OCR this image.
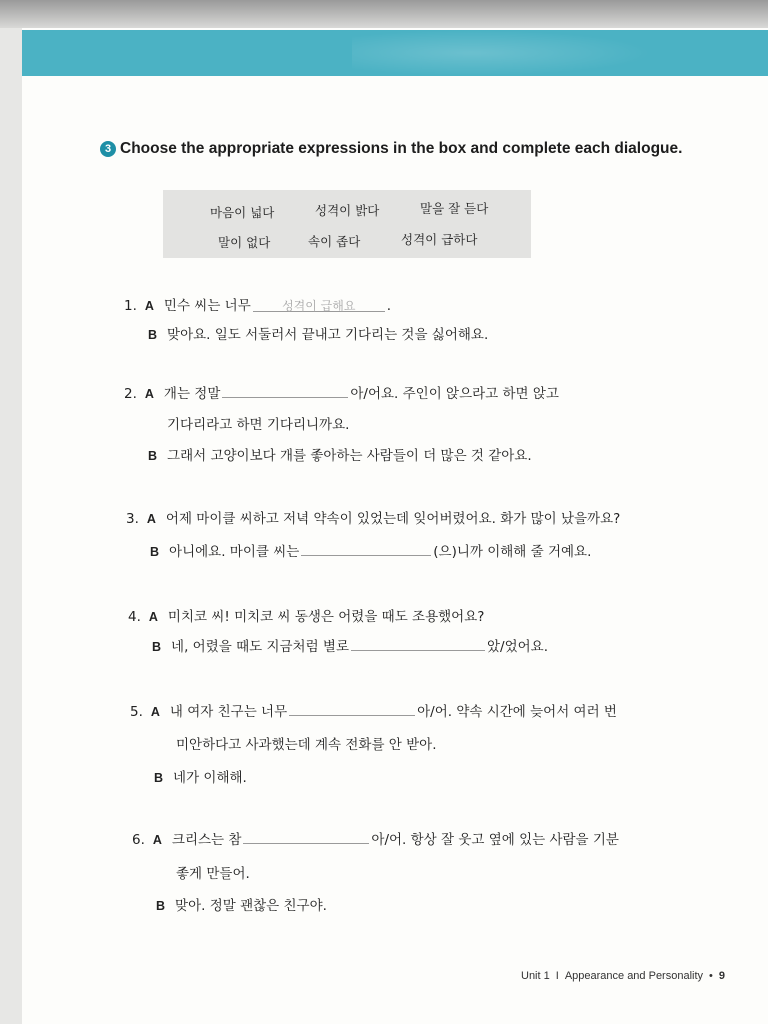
3 Choose the appropriate expressions in the box and complete each dialogue.
마음이 넓다	성격이 밝다	말을 잘 듣다
말이 없다	속이 좁다	성격이 급하다
1. A 민수 씨는 너무	성격이 급해요	.
B 맞아요. 일도 서둘러서 끝내고 기다리는 것을 싫어해요.
2. A 개는 정말	아/어요. 주인이 앉으라고 하면 앉고
기다리라고 하면 기다리니까요.
B 그래서 고양이보다 개를 좋아하는 사람들이 더 많은 것 같아요.
3. A 어제 마이클 씨하고 저녁 약속이 있었는데 잊어버렸어요. 화가 많이 났을까요?
B 아니에요. 마이클 씨는	(으)니까 이해해 줄 거예요.
4. A 미치코 씨! 미치코 씨 동생은 어렸을 때도 조용했어요?
B 네, 어렸을 때도 지금처럼 별로	았/었어요.
5. A 내 여자 친구는 너무	아/어. 약속 시간에 늦어서 여러 번
미안하다고 사과했는데 계속 전화를 안 받아.
B 네가 이해해.
6. A 크리스는 참	아/어. 항상 잘 웃고 옆에 있는 사람을 기분
좋게 만들어.
B 맞아. 정말 괜찮은 친구야.
Unit 1 I Appearance and Personality • 9
